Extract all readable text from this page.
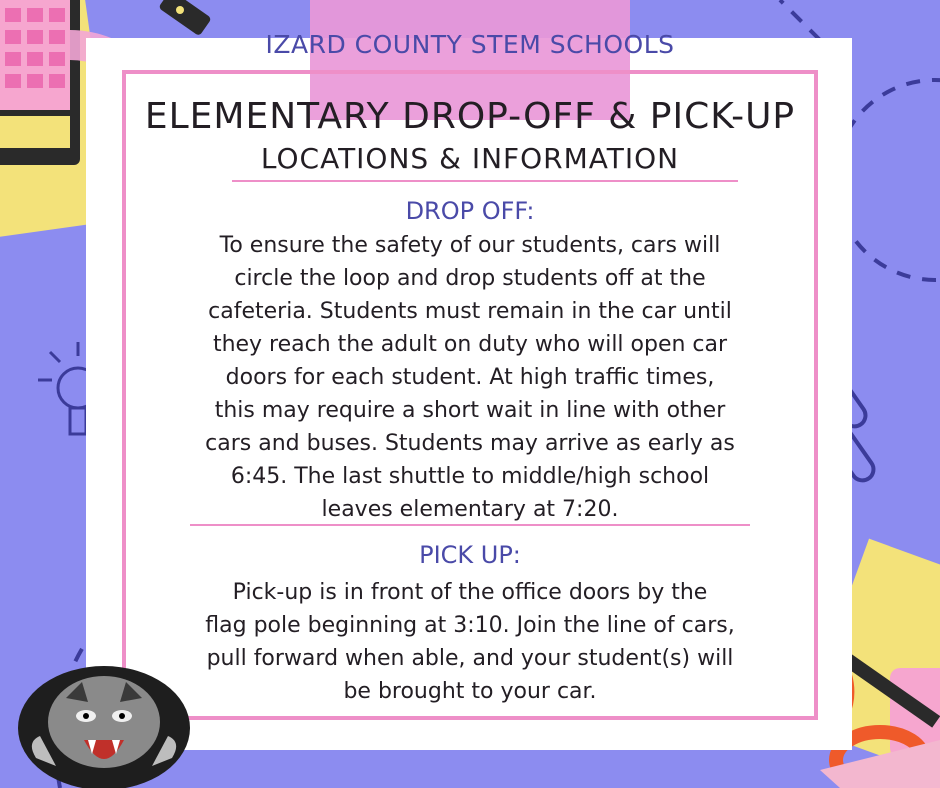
IZARD COUNTY STEM SCHOOLS
ELEMENTARY DROP-OFF & PICK-UP
LOCATIONS & INFORMATION
DROP OFF:
To ensure the safety of our students, cars will
circle the loop and drop students off at the
cafeteria. Students must remain in the car until
they reach the adult on duty who will open car
doors for each student. At high traffic times,
this may require a short wait in line with other
cars and buses. Students may arrive as early as
6:45. The last shuttle to middle/high school
leaves elementary at 7:20.
PICK UP:
Pick-up is in front of the office doors by the
flag pole beginning at 3:10. Join the line of cars,
pull forward when able, and your student(s) will
be brought to your car.
